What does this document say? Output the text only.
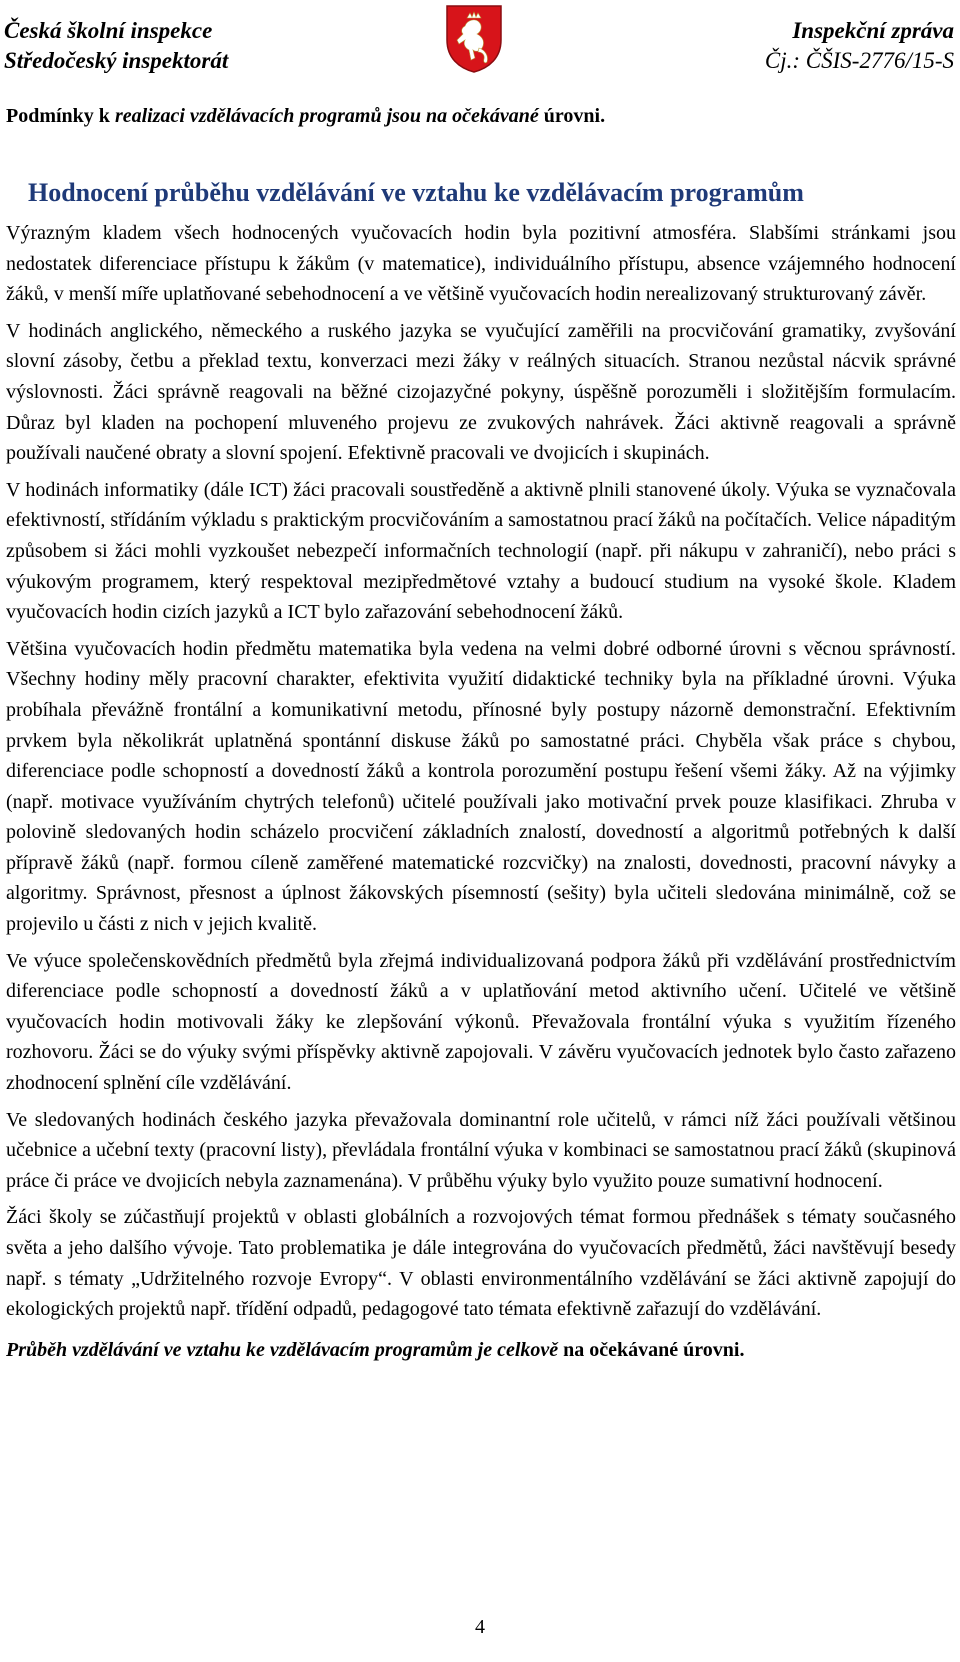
Česká školní inspekce
Středočeský inspektorát
Inspekční zpráva
Čj.: ČŠIS-2776/15-S

Podmínky k realizaci vzdělávacích programů jsou na očekávané úrovni.

Hodnocení průběhu vzdělávání ve vztahu ke vzdělávacím programům

Výrazným kladem všech hodnocených vyučovacích hodin byla pozitivní atmosféra. Slabšími stránkami jsou nedostatek diferenciace přístupu k žákům (v matematice), individuálního přístupu, absence vzájemného hodnocení žáků, v menší míře uplatňované sebehodnocení a ve většině vyučovacích hodin nerealizovaný strukturovaný závěr.

V hodinách anglického, německého a ruského jazyka se vyučující zaměřili na procvičování gramatiky, zvyšování slovní zásoby, četbu a překlad textu, konverzaci mezi žáky v reálných situacích. Stranou nezůstal nácvik správné výslovnosti. Žáci správně reagovali na běžné cizojazyčné pokyny, úspěšně porozuměli i složitějším formulacím. Důraz byl kladen na pochopení mluveného projevu ze zvukových nahrávek. Žáci aktivně reagovali a správně používali naučené obraty a slovní spojení. Efektivně pracovali ve dvojicích i skupinách.

V hodinách informatiky (dále ICT) žáci pracovali soustředěně a aktivně plnili stanovené úkoly. Výuka se vyznačovala efektivností, střídáním výkladu s praktickým procvičováním a samostatnou prací žáků na počítačích. Velice nápaditým způsobem si žáci mohli vyzkoušet nebezpečí informačních technologií (např. při nákupu v zahraničí), nebo práci s výukovým programem, který respektoval mezipředmětové vztahy a budoucí studium na vysoké škole. Kladem vyučovacích hodin cizích jazyků a ICT bylo zařazování sebehodnocení žáků.

Většina vyučovacích hodin předmětu matematika byla vedena na velmi dobré odborné úrovni s věcnou správností. Všechny hodiny měly pracovní charakter, efektivita využití didaktické techniky byla na příkladné úrovni. Výuka probíhala převážně frontální a komunikativní metodu, přínosné byly postupy názorně demonstrační. Efektivním prvkem byla několikrát uplatněná spontánní diskuse žáků po samostatné práci. Chyběla však práce s chybou, diferenciace podle schopností a dovedností žáků a kontrola porozumění postupu řešení všemi žáky. Až na výjimky (např. motivace využíváním chytrých telefonů) učitelé používali jako motivační prvek pouze klasifikaci. Zhruba v polovině sledovaných hodin scházelo procvičení základních znalostí, dovedností a algoritmů potřebných k další přípravě žáků (např. formou cíleně zaměřené matematické rozcvičky) na znalosti, dovednosti, pracovní návyky a algoritmy. Správnost, přesnost a úplnost žákovských písemností (sešity) byla učiteli sledována minimálně, což se projevilo u části z nich v jejich kvalitě.

Ve výuce společenskovědních předmětů byla zřejmá individualizovaná podpora žáků při vzdělávání prostřednictvím diferenciace podle schopností a dovedností žáků a v uplatňování metod aktivního učení. Učitelé ve většině vyučovacích hodin motivovali žáky ke zlepšování výkonů. Převažovala frontální výuka s využitím řízeného rozhovoru. Žáci se do výuky svými příspěvky aktivně zapojovali. V závěru vyučovacích jednotek bylo často zařazeno zhodnocení splnění cíle vzdělávání.

Ve sledovaných hodinách českého jazyka převažovala dominantní role učitelů, v rámci níž žáci používali většinou učebnice a učební texty (pracovní listy), převládala frontální výuka v kombinaci se samostatnou prací žáků (skupinová práce či práce ve dvojicích nebyla zaznamenána). V průběhu výuky bylo využito pouze sumativní hodnocení.

Žáci školy se zúčastňují projektů v oblasti globálních a rozvojových témat formou přednášek s tématy současného světa a jeho dalšího vývoje. Tato problematika je dále integrována do vyučovacích předmětů, žáci navštěvují besedy např. s tématy „Udržitelného rozvoje Evropy“. V oblasti environmentálního vzdělávání se žáci aktivně zapojují do ekologických projektů např. třídění odpadů, pedagogové tato témata efektivně zařazují do vzdělávání.

Průběh vzdělávání ve vztahu ke vzdělávacím programům je celkově na očekávané úrovni.

4
